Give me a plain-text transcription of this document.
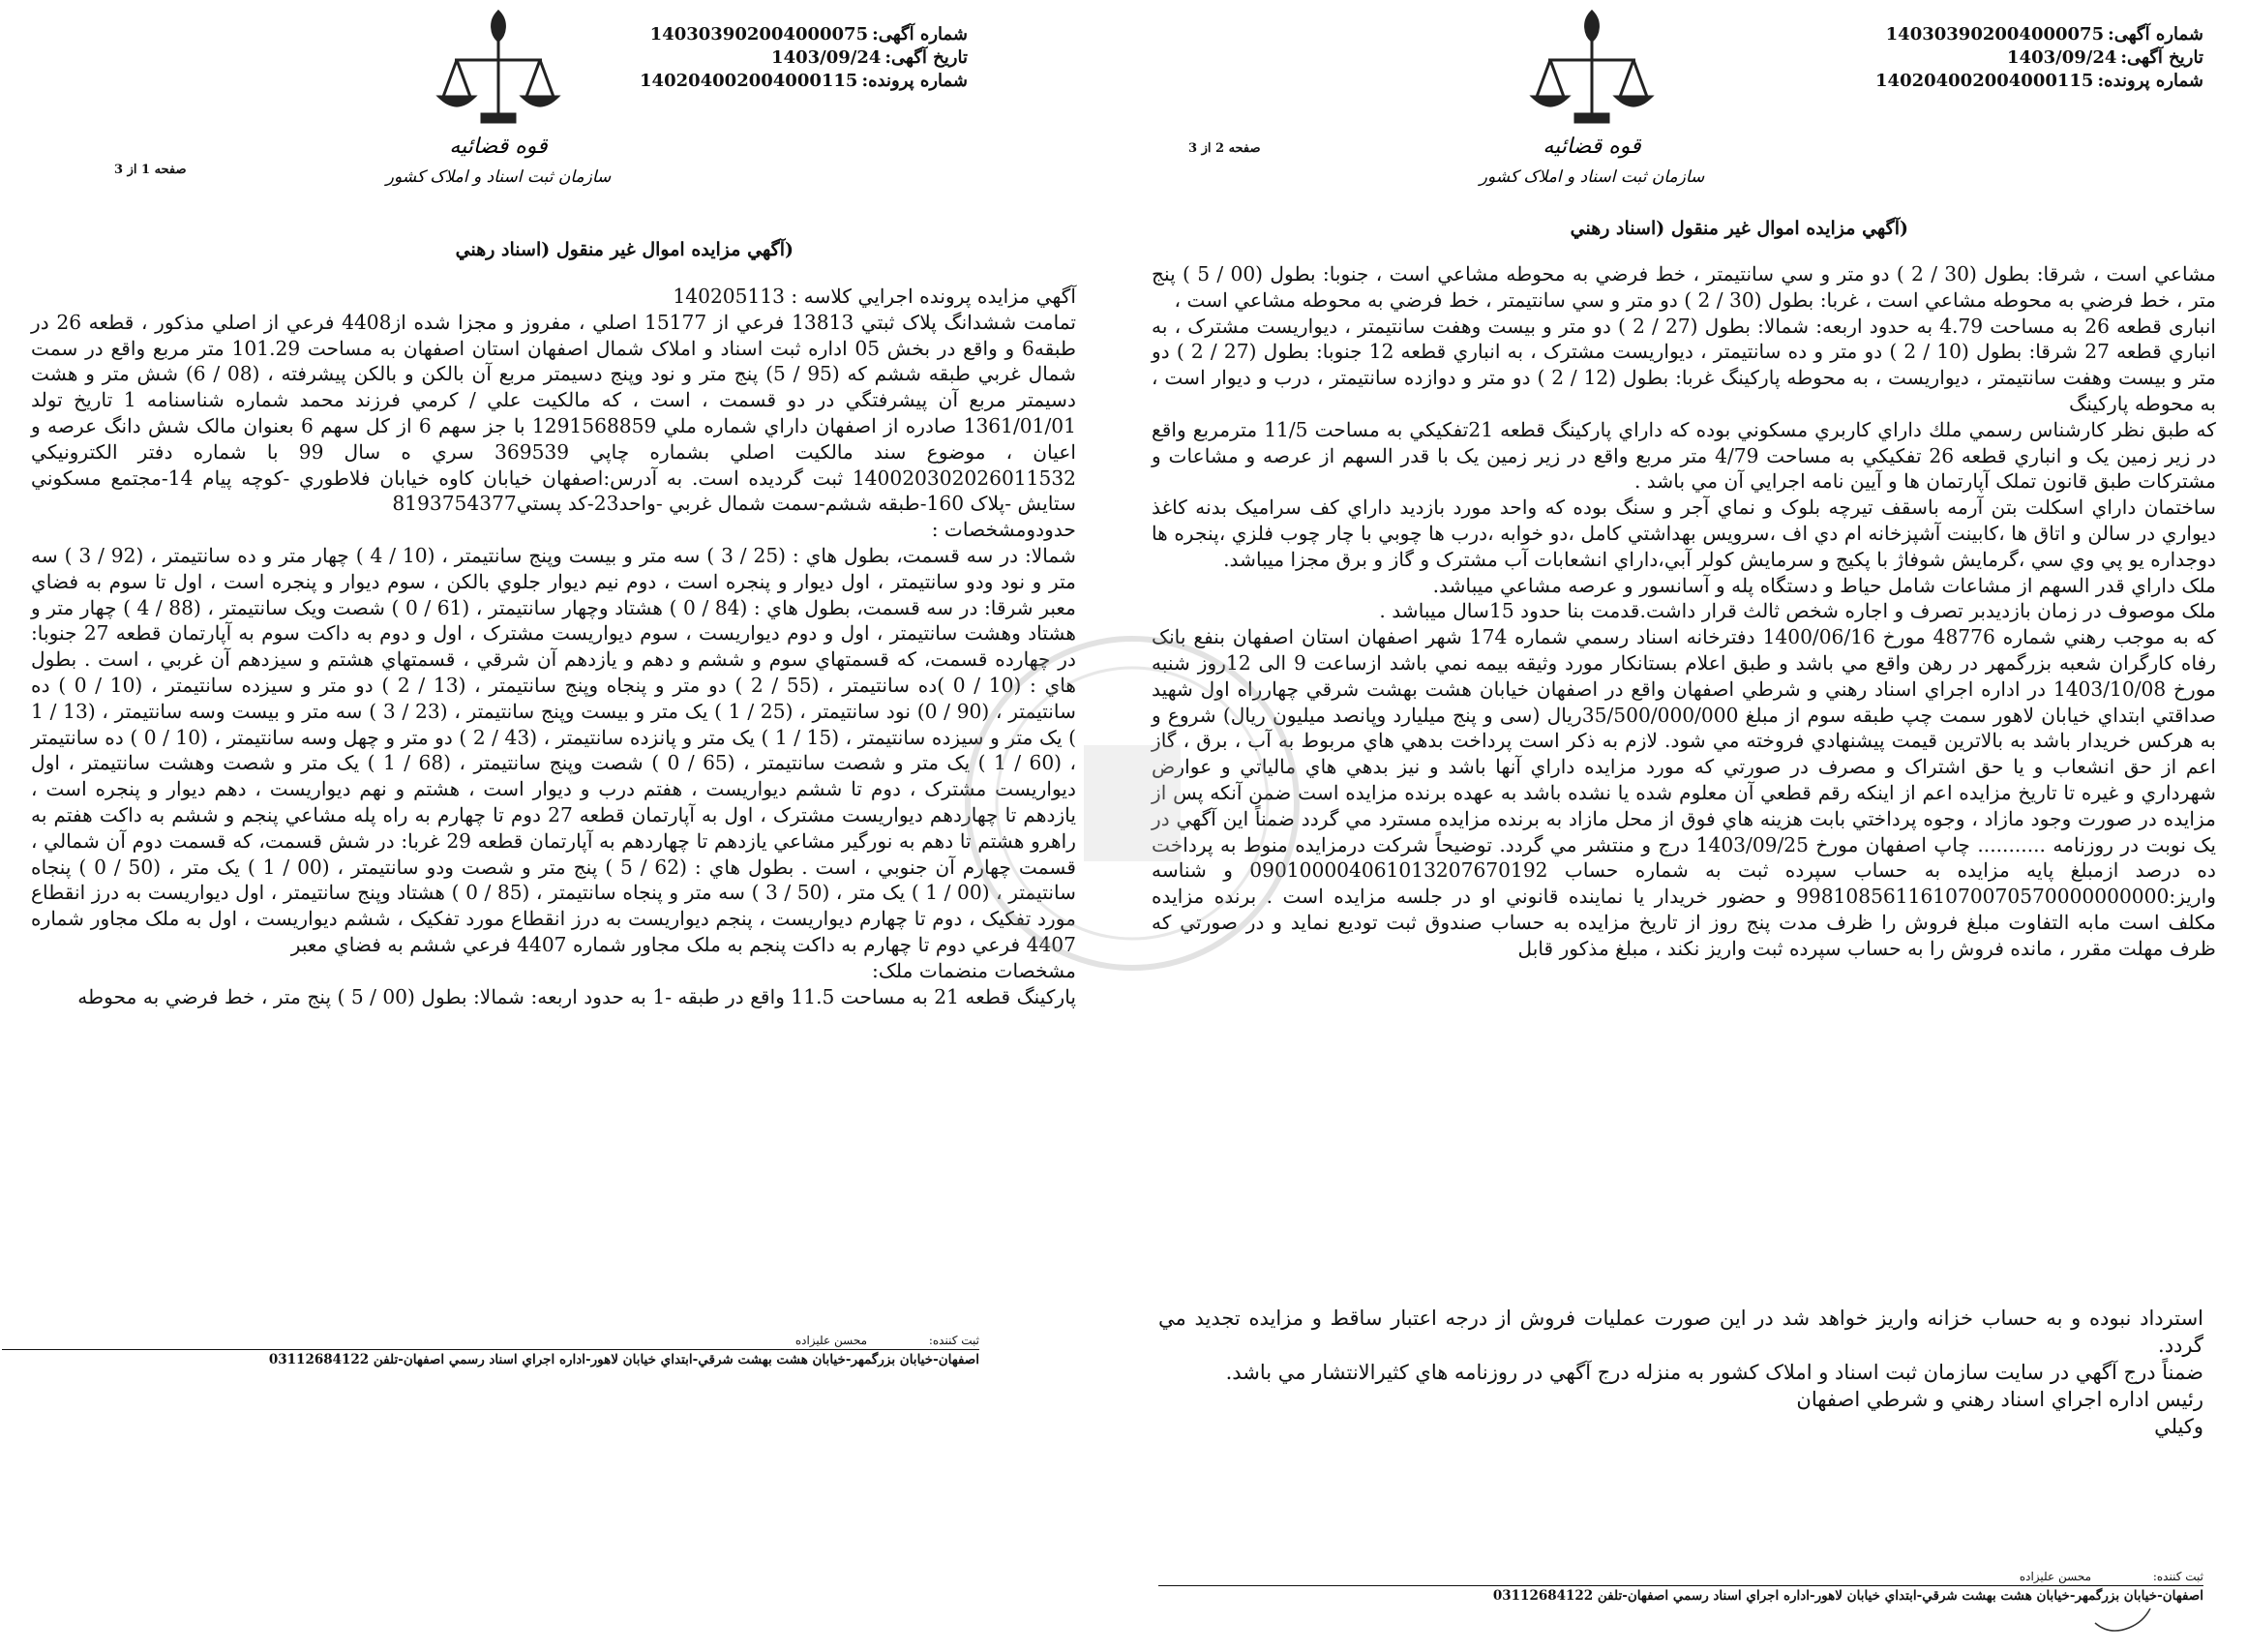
شماره آگهی:140303902004000075
تاریخ آگهی:1403/09/24
شماره پرونده:140204002004000115
قوه قضائیه
سازمان ثبت اسناد و املاک کشور
صفحه 2 از 3
(آگهي مزايده اموال غير منقول (اسناد رهني

مشاعي است ، شرقا: بطول (30 / 2 ) دو متر و سي سانتيمتر ، خط فرضي به محوطه مشاعي است ، جنوبا: بطول (00 / 5 ) پنج متر ، خط فرضي به محوطه مشاعي است ، غربا: بطول (30 / 2 ) دو متر و سي سانتيمتر ، خط فرضي به محوطه مشاعي است ،

انباری قطعه 26 به مساحت 4.79 به حدود اربعه: شمالا: بطول (27 / 2 ) دو متر و بيست وهفت سانتيمتر ، ديواريست مشترک ، به انباري قطعه 27 شرقا: بطول (10 / 2 ) دو متر و ده سانتيمتر ، ديواريست مشترک ، به انباري قطعه 12 جنوبا: بطول (27 / 2 ) دو متر و بيست وهفت سانتيمتر ، ديواريست ، به محوطه پاركينگ غربا: بطول (12 / 2 ) دو متر و دوازده سانتيمتر ، درب و ديوار است ، به محوطه پاركينگ

كه طبق نظر كارشناس رسمي ملك داراي كاربري مسكوني بوده كه داراي پاركينگ قطعه 21تفكيكي به مساحت 11/5 مترمربع واقع در زير زمين يک و انباري قطعه 26 تفكيكي به مساحت 4/79 متر مربع واقع در زير زمين يک با قدر السهم از عرصه و مشاعات و مشتركات طبق قانون تملک آپارتمان ها و آيين نامه اجرايي آن مي باشد .

ساختمان داراي اسكلت بتن آرمه باسقف تيرچه بلوک و نماي آجر و سنگ بوده كه واحد مورد بازديد داراي كف سراميک بدنه كاغذ ديواري در سالن و اتاق ها ،كابينت آشپزخانه ام دي اف ،سرويس بهداشتي كامل ،دو خوابه ،درب ها چوبي با چار چوب فلزي ،پنجره ها دوجداره يو پي وي سي ،گرمايش شوفاژ با پكيج و سرمايش كولر آبي،داراي انشعابات آب مشترک و گاز و برق مجزا ميباشد.

ملک داراي قدر السهم از مشاعات شامل حياط و دستگاه پله و آسانسور و عرصه مشاعي ميباشد.

ملک موصوف در زمان بازديدبر تصرف و اجاره شخص ثالث قرار داشت.قدمت بنا حدود 15سال ميباشد .

كه به موجب رهني شماره 48776 مورخ 1400/06/16 دفترخانه اسناد رسمي شماره 174 شهر اصفهان استان اصفهان بنفع بانک رفاه كارگران شعبه بزرگمهر در رهن واقع مي باشد و طبق اعلام بستانكار مورد وثيقه بيمه نمي باشد ازساعت 9 الی 12روز شنبه مورخ 1403/10/08 در اداره اجراي اسناد رهني و شرطي اصفهان واقع در اصفهان خيابان هشت بهشت شرقي چهارراه اول شهيد صداقتي ابتداي خيابان لاهور سمت چپ طبقه سوم از مبلغ 35/500/000/000ريال (سی و پنج میلیارد وپانصد میلیون ریال) شروع و به هركس خريدار باشد به بالاترين قيمت پيشنهادي فروخته مي شود. لازم به ذكر است پرداخت بدهي هاي مربوط به آب ، برق ، گاز اعم از حق انشعاب و يا حق اشتراک و مصرف در صورتي كه مورد مزايده داراي آنها باشد و نيز بدهي هاي مالياتي و عوارض شهرداري و غيره تا تاريخ مزايده اعم از اينكه رقم قطعي آن معلوم شده يا نشده باشد به عهده برنده مزايده است ضمن آنكه پس از مزايده در صورت وجود مازاد ، وجوه پرداختي بابت هزينه هاي فوق از محل مازاد به برنده مزايده مسترد مي گردد ضمناً اين آگهي در يک نوبت در روزنامه ........... چاپ اصفهان مورخ 1403/09/25 درج و منتشر مي گردد. توضيحاً شركت درمزايده منوط به پرداخت ده درصد ازمبلغ پايه مزايده به حساب سپرده ثبت به شماره حساب 0901000040610132076701‌92 و شناسه واريز:998108561161070070570000000000 و حضور خريدار يا نماينده قانوني او در جلسه مزايده است . برنده مزايده مكلف است مابه التفاوت مبلغ فروش را ظرف مدت پنج روز از تاريخ مزايده به حساب صندوق ثبت توديع نمايد و در صورتي كه ظرف مهلت مقرر ، مانده فروش را به حساب سپرده ثبت واريز نكند ، مبلغ مذكور قابل

استرداد نبوده و به حساب خزانه واريز خواهد شد در اين صورت عمليات فروش از درجه اعتبار ساقط و مزايده تجديد مي گردد.

ضمناً درج آگهي در سايت سازمان ثبت اسناد و املاک كشور به منزله درج آگهي در روزنامه هاي كثيرالانتشار مي باشد.

رئيس اداره اجراي اسناد رهني و شرطي اصفهان

وكيلي

ثبت كننده: محسن عليزاده
اصفهان-خيابان بزرگمهر-خيابان هشت بهشت شرقي-ابتداي خيابان لاهور-اداره اجراي اسناد رسمي اصفهان-تلفن 03112684122
شماره آگهی:140303902004000075
تاریخ آگهی:1403/09/24
شماره پرونده:140204002004000115
قوه قضائیه
سازمان ثبت اسناد و املاک کشور
صفحه 1 از 3
(آگهي مزايده اموال غير منقول (اسناد رهني

آگهي مزايده پرونده اجرايي كلاسه : 140205113

تمامت ششدانگ پلاک ثبتي 13813 فرعي از 15177 اصلي ، مفروز و مجزا شده از4408 فرعي از اصلي مذكور ، قطعه 26 در طبقه6 و واقع در بخش 05 اداره ثبت اسناد و املاک شمال اصفهان استان اصفهان به مساحت 101.29 متر مربع واقع در سمت شمال غربي طبقه ششم كه (95 / 5) پنج متر و نود وپنج دسيمتر مربع آن بالكن و بالكن پيشرفته ، (08 / 6) شش متر و هشت دسيمتر مربع آن پيشرفتگي در دو قسمت ، است ، كه مالكيت علي / كرمي فرزند محمد شماره شناسنامه 1 تاريخ تولد 1361/01/01 صادره از اصفهان داراي شماره ملي 1291568859 با جز سهم 6 از كل سهم 6 بعنوان مالک شش دانگ عرصه و اعيان ، موضوع سند مالكيت اصلي بشماره چاپي 369539 سري ه سال 99 با شماره دفتر الكترونيكي 140020302026011532 ثبت گرديده است. به آدرس:اصفهان خيابان كاوه خيابان فلاطوري -كوچه پيام 14-مجتمع مسكوني ستايش -پلاک 160-طبقه ششم-سمت شمال غربي -واحد23-كد پستي8193754377

حدودومشخصات :

شمالا: در سه قسمت، بطول هاي : (25 / 3 ) سه متر و بيست وپنج سانتيمتر ، (10 / 4 ) چهار متر و ده سانتيمتر ، (92 / 3 ) سه متر و نود ودو سانتيمتر ، اول ديوار و پنجره است ، دوم نيم ديوار جلوي بالكن ، سوم ديوار و پنجره است ، اول تا سوم به فضاي معبر شرقا: در سه قسمت، بطول هاي : (84 / 0 ) هشتاد وچهار سانتيمتر ، (61 / 0 ) شصت ويک سانتيمتر ، (88 / 4 ) چهار متر و هشتاد وهشت سانتيمتر ، اول و دوم ديواريست ، سوم ديواريست مشترک ، اول و دوم به داكت سوم به آپارتمان قطعه 27 جنوبا: در چهارده قسمت، كه قسمتهاي سوم و ششم و دهم و يازدهم آن شرقي ، قسمتهاي هشتم و سيزدهم آن غربي ، است . بطول هاي : (10 / 0 )ده سانتيمتر ، (55 / 2 ) دو متر و پنجاه وپنج سانتيمتر ، (13 / 2 ) دو متر و سيزده سانتيمتر ، (10 / 0 ) ده سانتيمتر ، (90 / 0) نود سانتيمتر ، (25 / 1 ) يک متر و بيست وپنج سانتيمتر ، (23 / 3 ) سه متر و بيست وسه سانتيمتر ، (13 / 1 ) يک متر و سيزده سانتيمتر ، (15 / 1 ) يک متر و پانزده سانتيمتر ، (43 / 2 ) دو متر و چهل وسه سانتيمتر ، (10 / 0 ) ده سانتيمتر ، (60 / 1 ) يک متر و شصت سانتيمتر ، (65 / 0 ) شصت وپنج سانتيمتر ، (68 / 1 ) يک متر و شصت وهشت سانتيمتر ، اول ديواريست مشترک ، دوم تا ششم ديواريست ، هفتم درب و ديوار است ، هشتم و نهم ديواريست ، دهم ديوار و پنجره است ، يازدهم تا چهاردهم ديواريست مشترک ، اول به آپارتمان قطعه 27 دوم تا چهارم به راه پله مشاعي پنجم و ششم به داكت هفتم به راهرو هشتم تا دهم به نورگير مشاعي يازدهم تا چهاردهم به آپارتمان قطعه 29 غربا: در شش قسمت، كه قسمت دوم آن شمالي ، قسمت چهارم آن جنوبي ، است . بطول هاي : (62 / 5 ) پنج متر و شصت ودو سانتيمتر ، (00 / 1 ) يک متر ، (50 / 0 ) پنجاه سانتيمتر ، (00 / 1 ) يک متر ، (50 / 3 ) سه متر و پنجاه سانتيمتر ، (85 / 0 ) هشتاد وپنج سانتيمتر ، اول ديواريست به درز انقطاع مورد تفكيک ، دوم تا چهارم ديواريست ، پنجم ديواريست به درز انقطاع مورد تفكيک ، ششم ديواريست ، اول به ملک مجاور شماره 4407 فرعي دوم تا چهارم به داكت پنجم به ملک مجاور شماره 4407 فرعي ششم به فضاي معبر

مشخصات منضمات ملک:

پاركينگ قطعه 21 به مساحت 11.5 واقع در طبقه -1 به حدود اربعه: شمالا: بطول (00 / 5 ) پنج متر ، خط فرضي به محوطه

ثبت كننده: محسن عليزاده
اصفهان-خيابان بزرگمهر-خيابان هشت بهشت شرقي-ابتداي خيابان لاهور-اداره اجراي اسناد رسمي اصفهان-تلفن 03112684122
